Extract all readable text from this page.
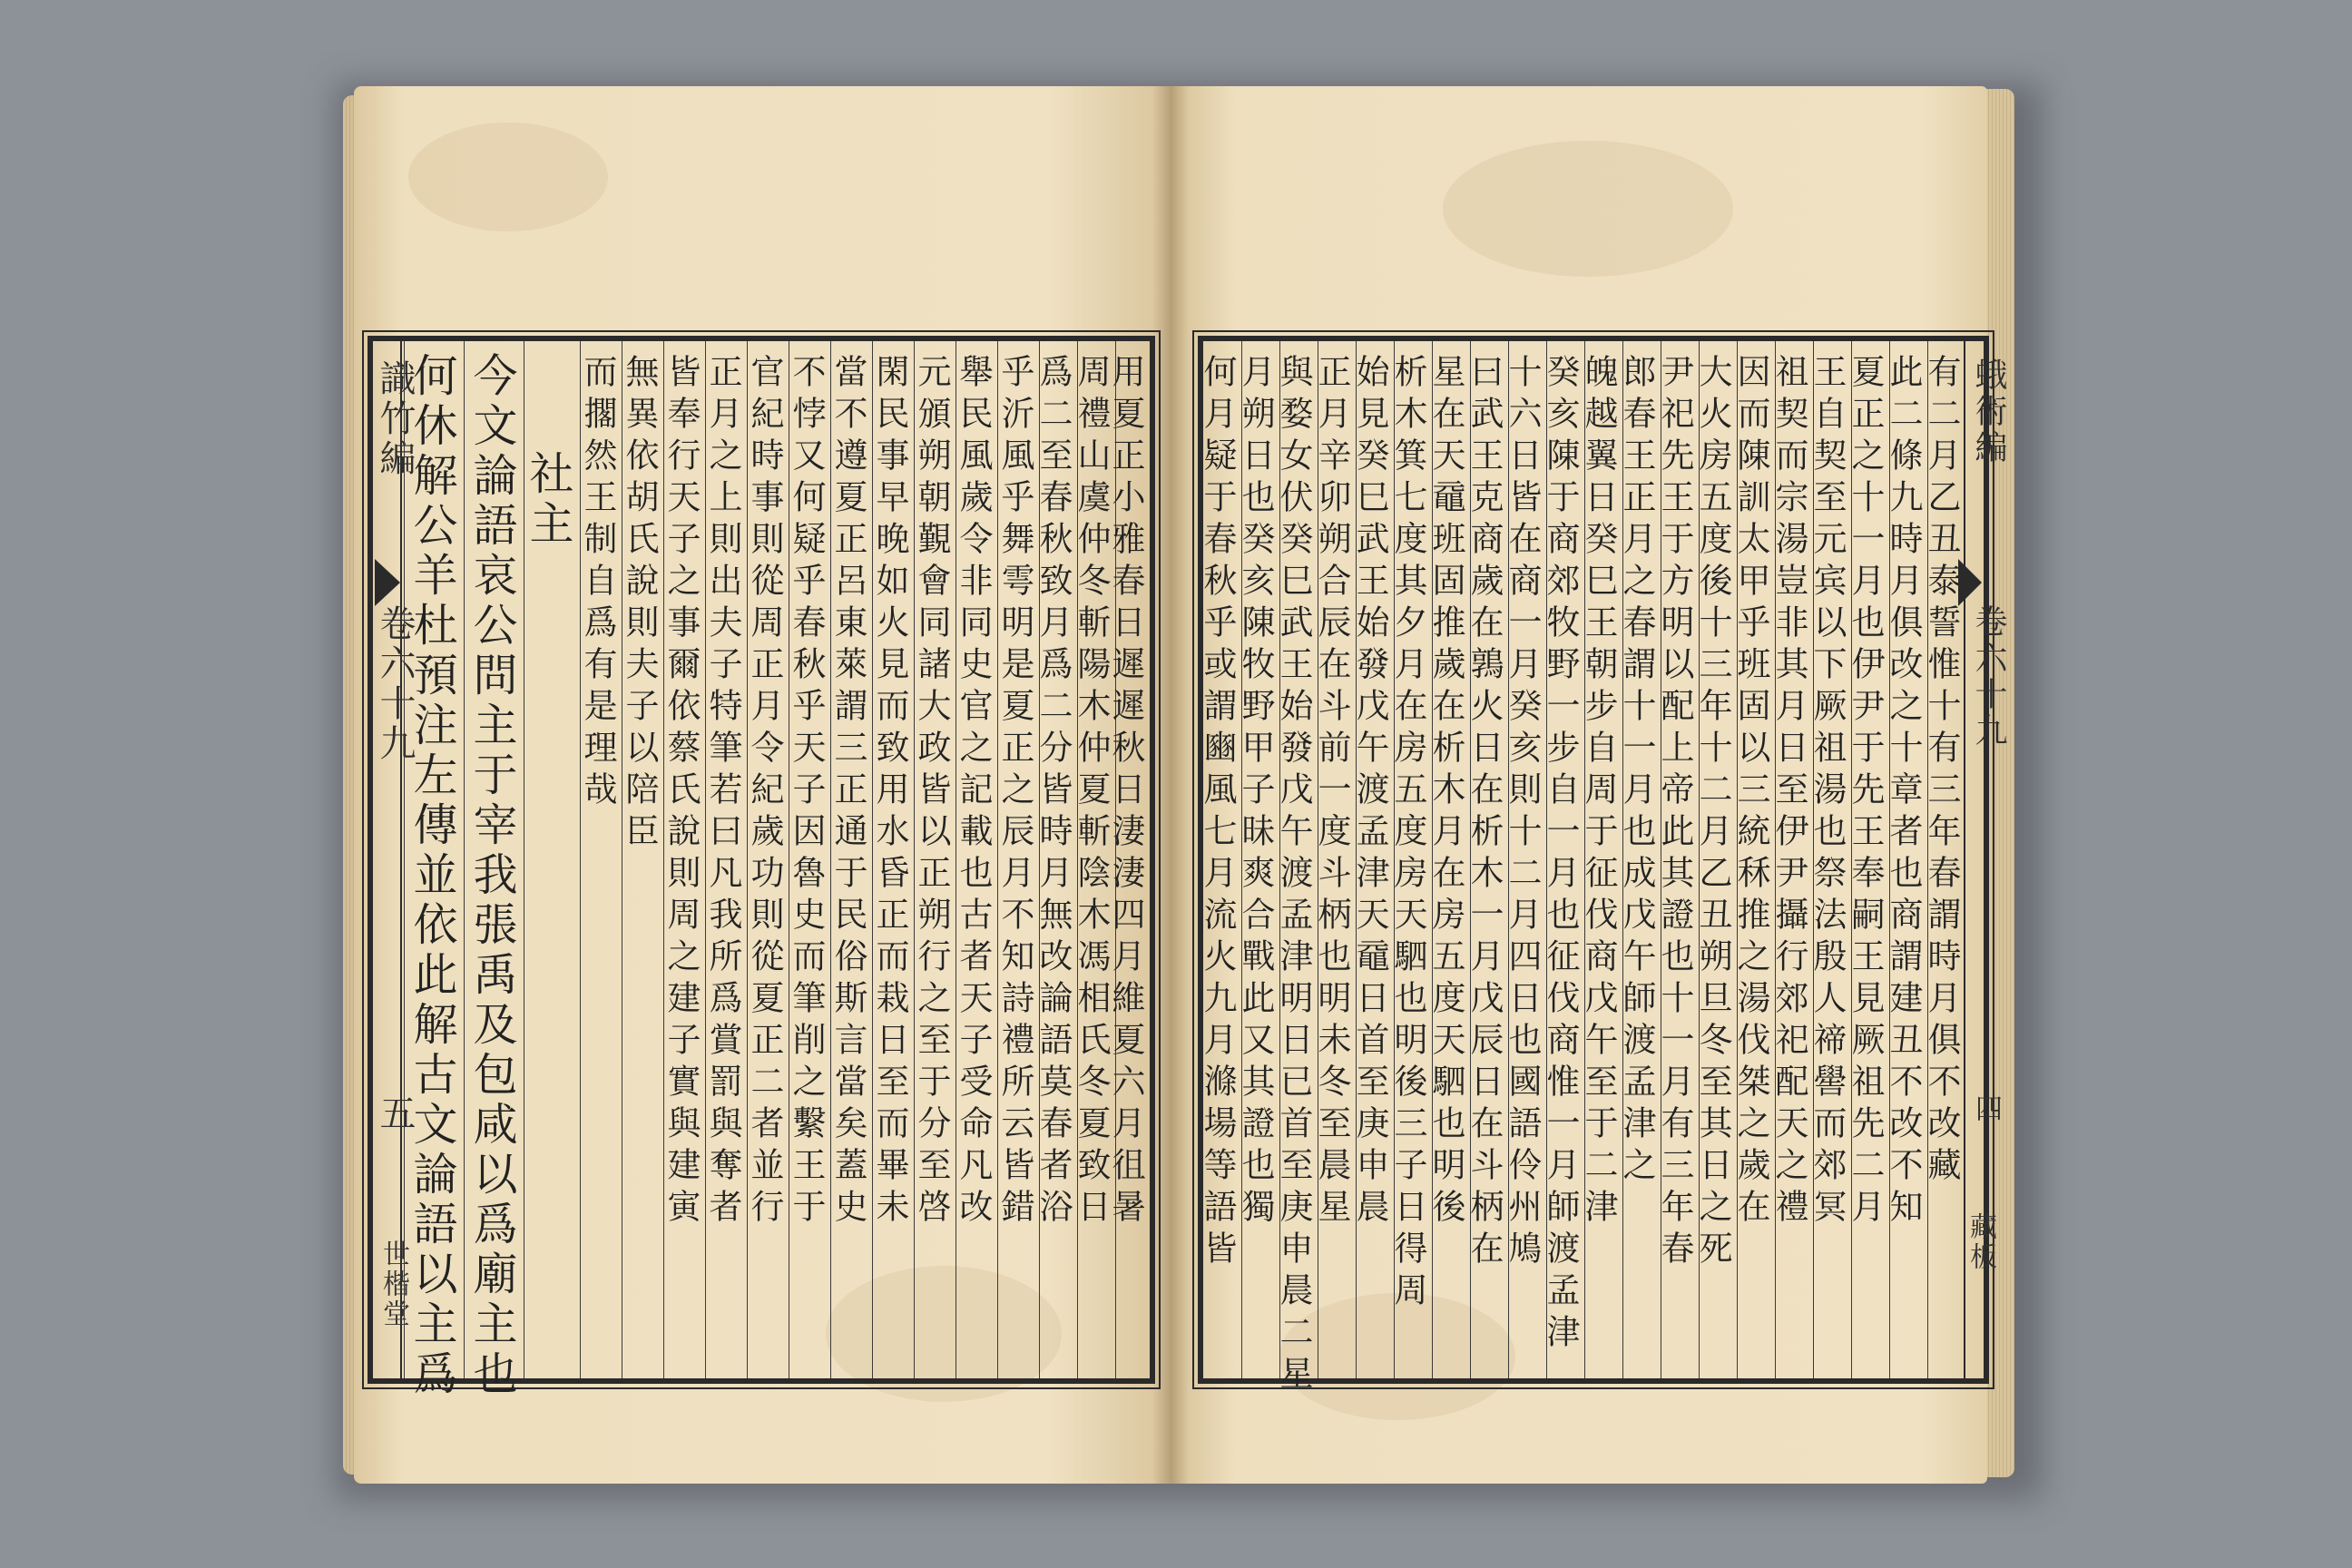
識竹編
卷六十九
五
世楷堂
何休解公羊杜預注左傳並依此解古文論語以主爲 今文論語哀公問主于宰我張禹及包咸以爲廟主也 社主 而擱然王制自爲有是理哉 無異依胡氏說則夫子以陪臣 皆奉行天子之事爾依蔡氏說則周之建子實與建寅 正月之上則出夫子特筆若曰凡我所爲賞罰與奪者 官紀時事則從周正月令紀歲功則從夏正二者並行 不悖又何疑乎春秋乎天子因魯史而筆削之繫王于 當不遵夏正呂東萊謂三正通于民俗斯言當矣蓋史 閑民事早晚如火見而致用水昏正而栽日至而畢未 元頒朔朝覲會同諸大政皆以正朔行之至于分至啓 舉民風歲令非同史官之記載也古者天子受命凡改 乎沂風乎舞雩明是夏正之辰月不知詩禮所云皆錯 爲二至春秋致月爲二分皆時月無改論語莫春者浴 周禮山虞仲冬斬陽木仲夏斬陰木馮相氏冬夏致日
用夏正小雅春日遲遲秋日淒淒四月維夏六月徂暑 何月疑于春秋乎或謂豳風七月流火九月滌場等語皆 月朔日也癸亥陳牧野甲子昧爽合戰此又其證也獨 與婺女伏癸巳武王始發戊午渡孟津明日已首至庚申晨二星 正月辛卯朔合辰在斗前一度斗柄也明未冬至晨星 始見癸巳武王始發戊午渡孟津天黿日首至庚申晨 析木箕七度其夕月在房五度房天駟也明後三子日得周 星在天黿班固推歲在析木月在房五度天駟也明後 曰武王克商歲在鶉火日在析木一月戊辰日在斗柄在 十六日皆在商一月癸亥則十二月四日也國語伶州鳩 癸亥陳于商郊牧野一步自一月也征伐商惟一月師渡孟津 魄越翼日癸巳王朝步自周于征伐商戊午至于二津 郎春王正月之春謂十一月也成戊午師渡孟津之 尹祀先王于方明以配上帝此其證也十一月有三年春 大火房五度後十三年十二月乙丑朔旦冬至其日之死 因而陳訓太甲乎班固以三統秝推之湯伐桀之歲在 祖契而宗湯豈非其月日至伊尹攝行郊祀配天之禮 王自契至元宾以下厥祖湯也祭法殷人禘嚳而郊冥 夏正之十一月也伊尹于先王奉嗣王見厥祖先二月 此二條九時月俱改之十章者也商謂建丑不改不知 有二月乙丑泰誓惟十有三年春謂時月俱不改藏 蛾術編
卷六十九
四
藏板
